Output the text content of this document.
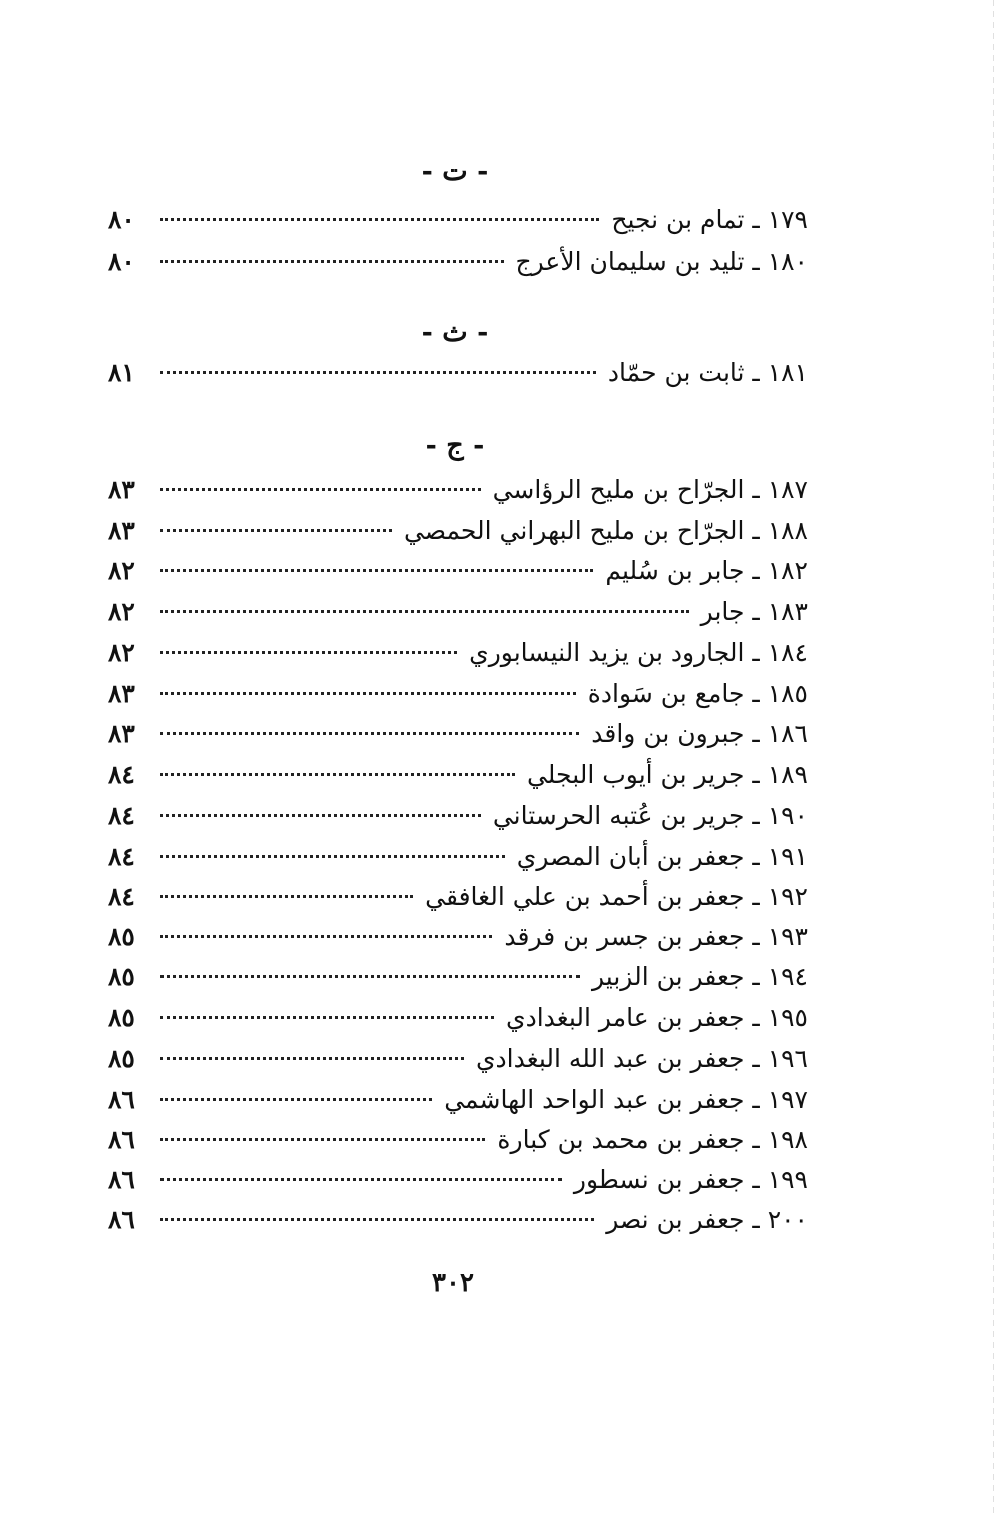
- ت -
١٧٩ ـ تمام بن نجيح
٨٠
١٨٠ ـ تليد بن سليمان الأعرج
٨٠
- ث -
١٨١ ـ ثابت بن حمّاد
٨١
- ج -
١٨٧ ـ الجرّاح بن مليح الرؤاسي
٨٣
١٨٨ ـ الجرّاح بن مليح البهراني الحمصي
٨٣
١٨٢ ـ جابر بن سُليم
٨٢
١٨٣ ـ جابر
٨٢
١٨٤ ـ الجارود بن يزيد النيسابوري
٨٢
١٨٥ ـ جامع بن سَوادة
٨٣
١٨٦ ـ جبرون بن واقد
٨٣
١٨٩ ـ جرير بن أيوب البجلي
٨٤
١٩٠ ـ جرير بن عُتبه الحرستاني
٨٤
١٩١ ـ جعفر بن أبان المصري
٨٤
١٩٢ ـ جعفر بن أحمد بن علي الغافقي
٨٤
١٩٣ ـ جعفر بن جسر بن فرقد
٨٥
١٩٤ ـ جعفر بن الزبير
٨٥
١٩٥ ـ جعفر بن عامر البغدادي
٨٥
١٩٦ ـ جعفر بن عبد الله البغدادي
٨٥
١٩٧ ـ جعفر بن عبد الواحد الهاشمي
٨٦
١٩٨ ـ جعفر بن محمد بن كبارة
٨٦
١٩٩ ـ جعفر بن نسطور
٨٦
٢٠٠ ـ جعفر بن نصر
٨٦
٣٠٢
